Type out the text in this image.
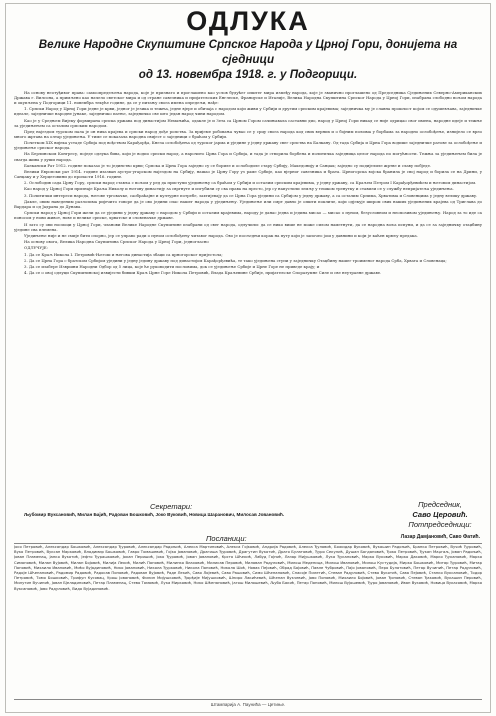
ОДЛУКА
Велике Народне Скупштине Српског Народа у Црној Гори, донијета на сједници
од 13. новембра 1918. г. у Подгорици.

На основу неотуђивог права: самоопредељења народа, које је признато и проглашено као услов будућег општег мира између народа, које је званично проглашено од Председника Сједињених Северно-Американских Држава г. Вилсона, а примљено као начело светског мира и од стране савезника и пријатељских Енглеске, Француске и Италије, Велика Народна Скупштина Српског Народа у Црној Гори, изабрана слободно вољом народа и окупљена у Подгорици 11. новембра текуће године, да се у питању свога имена опредељи, нађе:

1. Српски Народ у Црној Гори једне је крви, једног је језика и тежња, једне вјере и обичаја с народом који живи у Србији и другим српским крајевима; заједничка му је славна прошлост којом се одушевљава, заједничке идеале, заједничке народне јунаке, заједничко патње, заједничко све што један народ чини народом.

Као је у Средњем Вијеку формирана српска држава под династијом Немањића, одакле је и Зета са Црном Гором сачињавала саставни дио, народ у Црној Гори никад се није одрицао свог имена, народне идеје и тежње за уједињењем са осталим српским народом.

Пред најездом турском пала је он ниха крајева и српски народ дође ропства. За вријеме робовања чувао се у срцу свога народа код свих верних и о бојним пољима у борбама за народно ослобођење, изнијело се врло много жртава на олтар уједињења. У тиме се показала народна свијест о заједници с браћом у Србији.

Почетком XIX вијека устаде Србија под вођством Карађорђа, Кнеза ослобођења од турског јарма и уједине у једну државу свег српства на Балкану. Од тада Србија и Црна Гора водише заједничке ратове за ослобођење и уједињење српског народа.

На Берлинском Конгресу, поједе одлука бива, који је водио српски народ, а нарочито Црна Гора и Србија, и тада је створила борбена и политичка заједница целог народа по могућности. Тежња за уједињењем била је свагда жива у души народа.

Балкански Рат 1912. године показао је то јединство крви; Српска и Црна Гора заједно су се бориле и ослободиле стару Србију, Македонију и Санџак; заједно су подијелиле жртве и славу побједе.

Велики Европски рат 1914. године изазван аустро-угарском најездом на Србију, нашао је Црну Гору уз раме Србије, као вјерног савезника и брата. Црногорска војска бранила је свој народ и борила се на Дрини, у Санџаку и у Херцеговини до пропасти 1916. године.

2. Ослободив сада Црну Гору, српски народ ставља с вољом у ред да приступи уједињењу са браћом у Србији и осталим српским крајевима, у једну државу, са Краљем Петром I Карађорђевићем и његовом династијом.

Као народ у Црној Гори признаје Краља Николу и његову династију за свргнуте и изгубили су сва права на престо, јер су напустили земљу у тешком тренутку и ставили се у службу непријатеља уједињења.

3. Политички интереси народа, његове трговачке, саобраћајне и културне потребе, захтијевају да се Црна Гора уједини са Србијом у једну државу, а са осталим Српима, Хрватима и Словенцима у једну велику државу.

Дакле, овим наведеним разлозима ријечито говоре да је ово једини спас нашег народа у уједињењу. Уједињење или смрт давно је општи покличе, који одјекује широм свих наших уједињених крајева од Триглава до Вардара и од Јадрана до Дунава.

Српски народ у Црној Гори жели да се уједини у једну државу с народом у Србији и осталим крајевима, народу је данас једна и једина мисао — мисао о пуном, безусловном и неопозивом уједињењу. Народ за то иде са поносом у нови живот, нове и велике српске, хрватске и словеначке државе.

И зато су ови носиоци у Црној Гори, чланови Велике Народне Скупштине изабрани од свег народа, одлучили: да се нико више не може силом наметнути, да се народна воља испуни, и да се за заједничку отаџбину уједине сва племена.

Уједињење није и не смије бити спорно, јер се управо ради о пуном ослобођењу читавог народа. Ово је посљедњи корак на путу који је започео још у давнини и који је каћен крвљу предака.

На основу овога, Велика Народна Скупштина Српског Народа у Црној Гори, једногласно

ОДЛУЧУЈЕ:

1. Да се Краљ Никола I. Петровић-Његош и његова династија збаци са црногорског пријестола;

2. Да се Црна Гора с братском Србијом уједини у једну једину државу под династијом Карађорђевића, те тако уједињена ступи у заједничку Отаџбину нашег троименог народа Срба, Хрвата и Словенаца;

3. Да се изабере Извршни Народни Одбор од 5 лица, које ће руководити пословима, док се уједињење Србије и Црне Горе не приведе крају; и

4. Да се о овој одлуци Скупштинској извијести бивши Краљ Црне Горе Никола Петровић, Влада Краљевине Србије, пријатељске Споразумне Силе и све неутралне државе.

Секретари:
Љубомир Вуксановић, Милан Бајић, Радован Бошковић, Јоко Вуковић, Новица Шаранович, Милосав Јовановић.
Председник,
Саво Церовић.
Потпредседници:
Посланици:	Лазар Дамјановић, Саво Фатић.
Јосо Петровић, Александар Бошковић, Александар Ђуровић, Александар Радоњић, Алекса Мартиновић, Алекса Гојковић, Андрија Радовић, Алекса Ђуловић, Божидар Вуковић, Вукашин Радоњић, Бранко Петровић, Вучић Ђуровић, Вуко Петровић, Вуксан Марковић, Владимир Бошковић, Гавро Томашевић, Гојко Јовановић, Драгиша Ђуровић, Драгутин Вукотић, Драго Булатовић, Ђуро Секулић, Душан Богдановић, Ђоко Петровић, Ђукан Маџгаљ, Јован Радоњић, Јован Пламенац, Јанко Вукотић, Јефто Ђурашковић, Јокан Перишић, Јоко Ђуровић, Јован Јовановић, Крсто Шћекић, Лабуд Гојнић, Лазар Мијушковић, Лука Ђукановић, Марко Вуковић, Марко Даковић, Марко Ђукановић, Марко Симоновић, Милан Вујовић, Милан Бојовић, Милија Лекић, Милић Поповић, Милинко Влаховић, Милисав Перовић, Милован Радуловић, Милош Медeница, Милош Ивановић, Милош Кустудија, Мирко Бошковић, Митар Ђуровић, Митар Поповић, Михаило Ивановић, Мићо Вујадиновић, Нико Јовановић, Никола Ђурковић, Никола Поповић, Никола Шоћ, Новак Пејовић, Обрад Бојовић, Павле Чубровић, Пајо Јовановић, Перо Булатовић, Петар Вучинић, Петар Радуловић, Радоје Шћепановић, Радомир Радовић, Радосав Поповић, Радован Вујовић, Раде Лекић, Саво Лојевић, Саво Рашовић, Симо Шћепановић, Спасоје Пилетић, Стеван Радуловић, Стево Вукотић, Сава Пејовић, Станко Вуксановић, Тодор Петровић, Томо Бошковић, Трифун Кусовац, Урош Јовановић, Филип Мијушковић, Ђорђије Мијушковић, Шпиро Лакићевић, Шћепан Вукчевић, Јово Поповић, Михаило Бојовић, Јован Ђоновић, Стеван Ђаковић, Вукашин Перовић, Милутин Вучинић, Јован Бјеладиновић, Петар Пламенац, Стево Томовић, Лука Мирковић, Нико Шћепановић, Јагош Милошевић, Љубо Бакић, Петар Поповић, Милош Вујошевић, Ђуро Јовановић, Иван Вуковић, Новица Вукасовић, Марко Вуксановић, Јово Радуловић, Видо Вујадиновић.
Штампарија А. Паунића — Цетиње.
